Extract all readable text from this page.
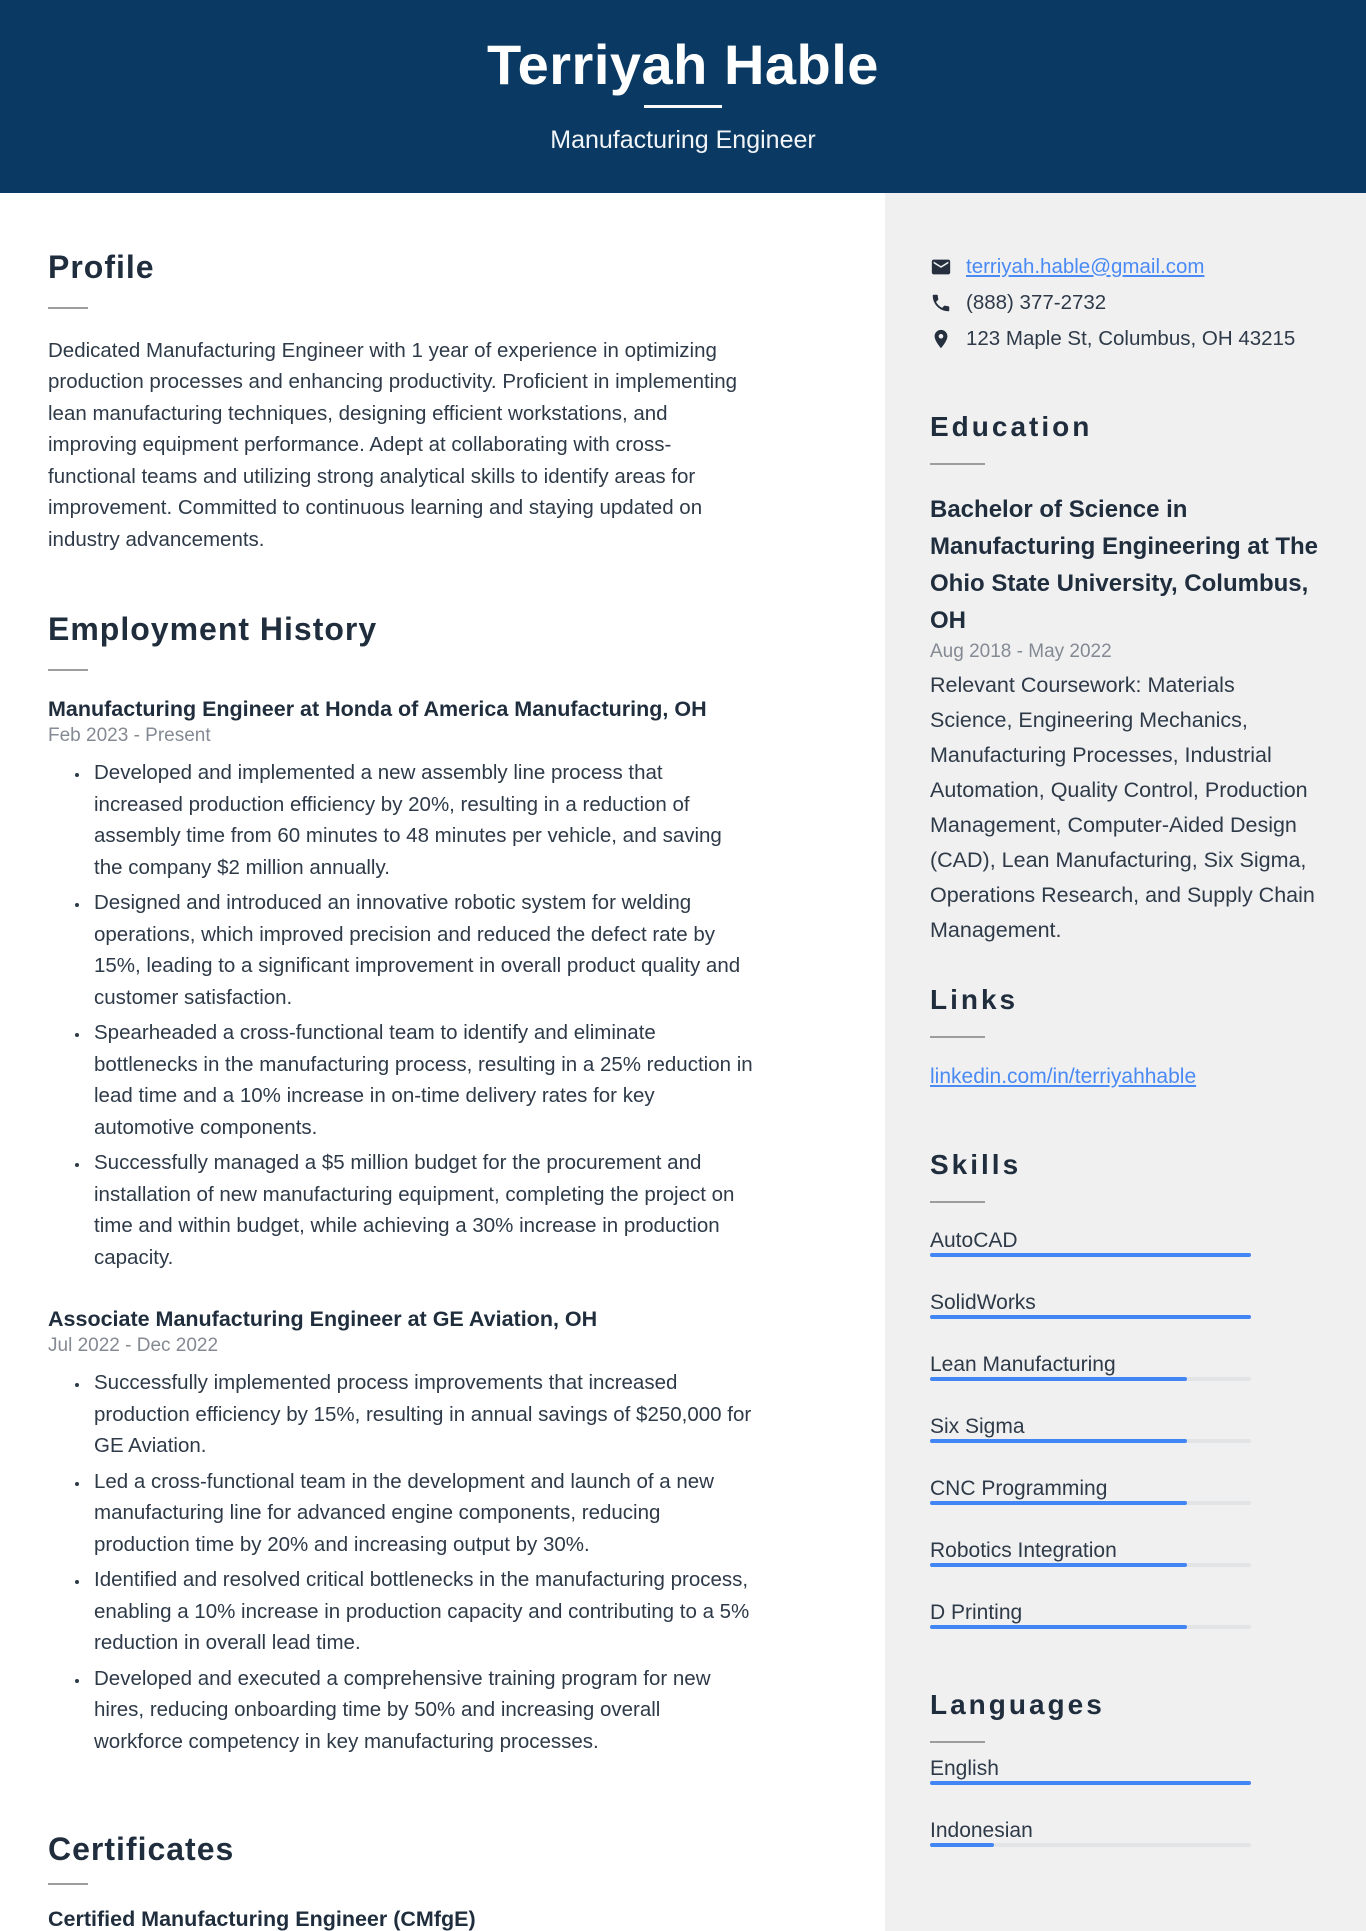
Terriyah Hable
Manufacturing Engineer
Profile

Dedicated Manufacturing Engineer with 1 year of experience in optimizing production processes and enhancing productivity. Proficient in implementing lean manufacturing techniques, designing efficient workstations, and improving equipment performance. Adept at collaborating with cross-functional teams and utilizing strong analytical skills to identify areas for improvement. Committed to continuous learning and staying updated on industry advancements.

Employment History
Manufacturing Engineer at Honda of America Manufacturing, OH
Feb 2023 - Present
• Developed and implemented a new assembly line process that increased production efficiency by 20%, resulting in a reduction of assembly time from 60 minutes to 48 minutes per vehicle, and saving the company $2 million annually.
• Designed and introduced an innovative robotic system for welding operations, which improved precision and reduced the defect rate by 15%, leading to a significant improvement in overall product quality and customer satisfaction.
• Spearheaded a cross-functional team to identify and eliminate bottlenecks in the manufacturing process, resulting in a 25% reduction in lead time and a 10% increase in on-time delivery rates for key automotive components.
• Successfully managed a $5 million budget for the procurement and installation of new manufacturing equipment, completing the project on time and within budget, while achieving a 30% increase in production capacity.
Associate Manufacturing Engineer at GE Aviation, OH
Jul 2022 - Dec 2022
• Successfully implemented process improvements that increased production efficiency by 15%, resulting in annual savings of $250,000 for GE Aviation.
• Led a cross-functional team in the development and launch of a new manufacturing line for advanced engine components, reducing production time by 20% and increasing output by 30%.
• Identified and resolved critical bottlenecks in the manufacturing process, enabling a 10% increase in production capacity and contributing to a 5% reduction in overall lead time.
• Developed and executed a comprehensive training program for new hires, reducing onboarding time by 50% and increasing overall workforce competency in key manufacturing processes.
Certificates
Certified Manufacturing Engineer (CMfgE)
terriyah.hable@gmail.com
(888) 377-2732
123 Maple St, Columbus, OH 43215
Education
Bachelor of Science in Manufacturing Engineering at The Ohio State University, Columbus, OH
Aug 2018 - May 2022
Relevant Coursework: Materials Science, Engineering Mechanics, Manufacturing Processes, Industrial Automation, Quality Control, Production Management, Computer-Aided Design (CAD), Lean Manufacturing, Six Sigma, Operations Research, and Supply Chain Management.
Links
linkedin.com/in/terriyahhable
Skills
AutoCAD
SolidWorks
Lean Manufacturing
Six Sigma
CNC Programming
Robotics Integration
D Printing
Languages
English
Indonesian
